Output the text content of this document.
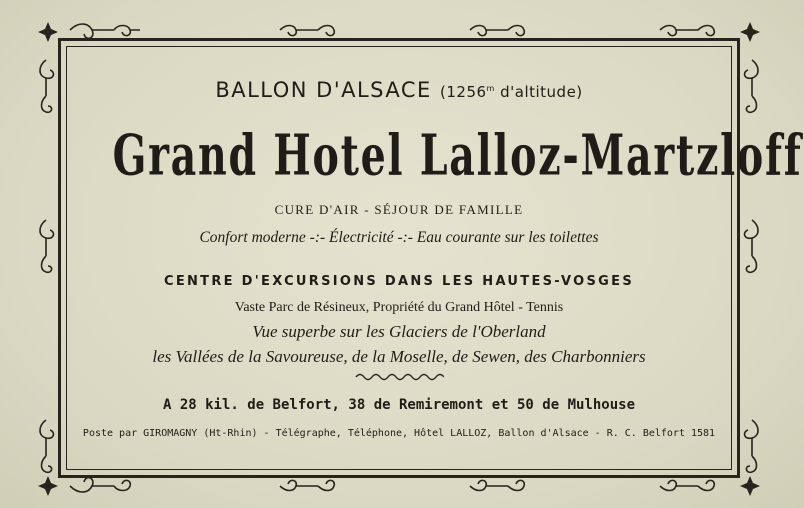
BALLON D'ALSACE (1256$^m$ d'altitude)
Grand Hotel Lalloz-Martzloff
CURE D'AIR - SÉJOUR DE FAMILLE
Confort moderne -:- Électricité -:- Eau courante sur les toilettes
CENTRE D'EXCURSIONS DANS LES HAUTES-VOSGES
Vaste Parc de Résineux, Propriété du Grand Hôtel - Tennis
Vue superbe sur les Glaciers de l'Oberland
les Vallées de la Savoureuse, de la Moselle, de Sewen, des Charbonniers
A 28 kil. de Belfort, 38 de Remiremont et 50 de Mulhouse
Poste par GIROMAGNY (Ht-Rhin) - Télégraphe, Téléphone, Hôtel LALLOZ, Ballon d'Alsace - R. C. Belfort 1581
